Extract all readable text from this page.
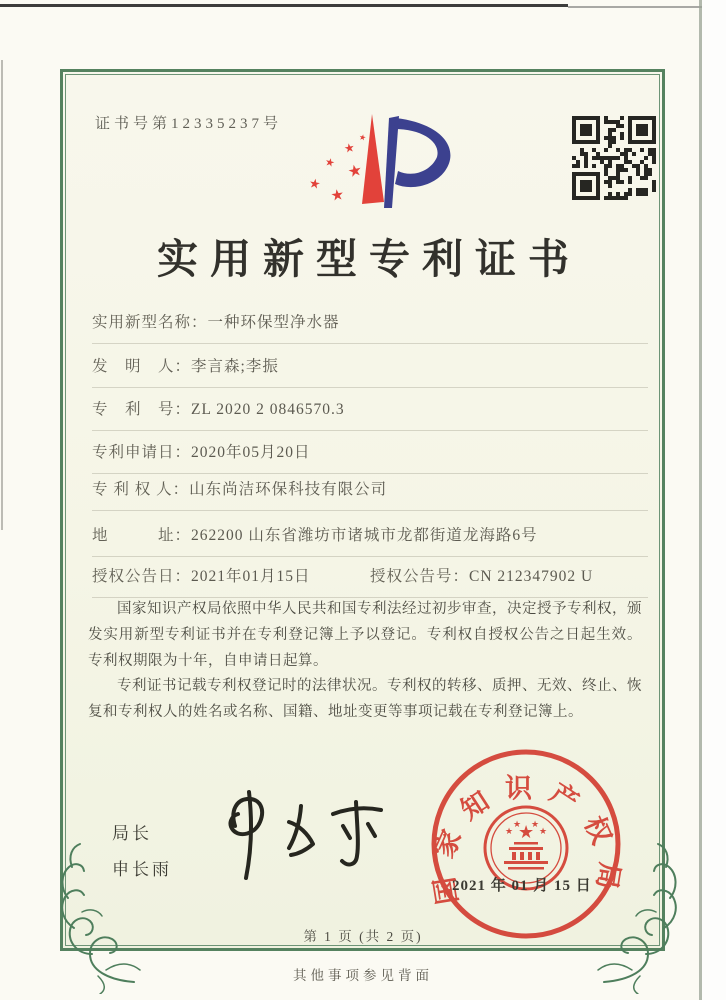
证书号第12335237号
★
★
★ ★
★
★
实用新型专利证书
实用新型名称：一种环保型净水器
发　明　人：李言森;李振
专　利　号：ZL 2020 2 0846570.3
专利申请日：2020年05月20日
专 利 权 人：山东尚洁环保科技有限公司
地　　　址：262200 山东省潍坊市诸城市龙都街道龙海路6号
授权公告日：2021年01月15日	授权公告号：CN 212347902 U

国家知识产权局依照中华人民共和国专利法经过初步审查，决定授予专利权，颁发实用新型专利证书并在专利登记簿上予以登记。专利权自授权公告之日起生效。专利权期限为十年，自申请日起算。

专利证书记载专利权登记时的法律状况。专利权的转移、质押、无效、终止、恢复和专利权人的姓名或名称、国籍、地址变更等事项记载在专利登记簿上。

局长
申长雨	国家知识产权局
★
★
★ ★
★
2021 年 01 月 15 日
第 1 页 (共 2 页)
其他事项参见背面
